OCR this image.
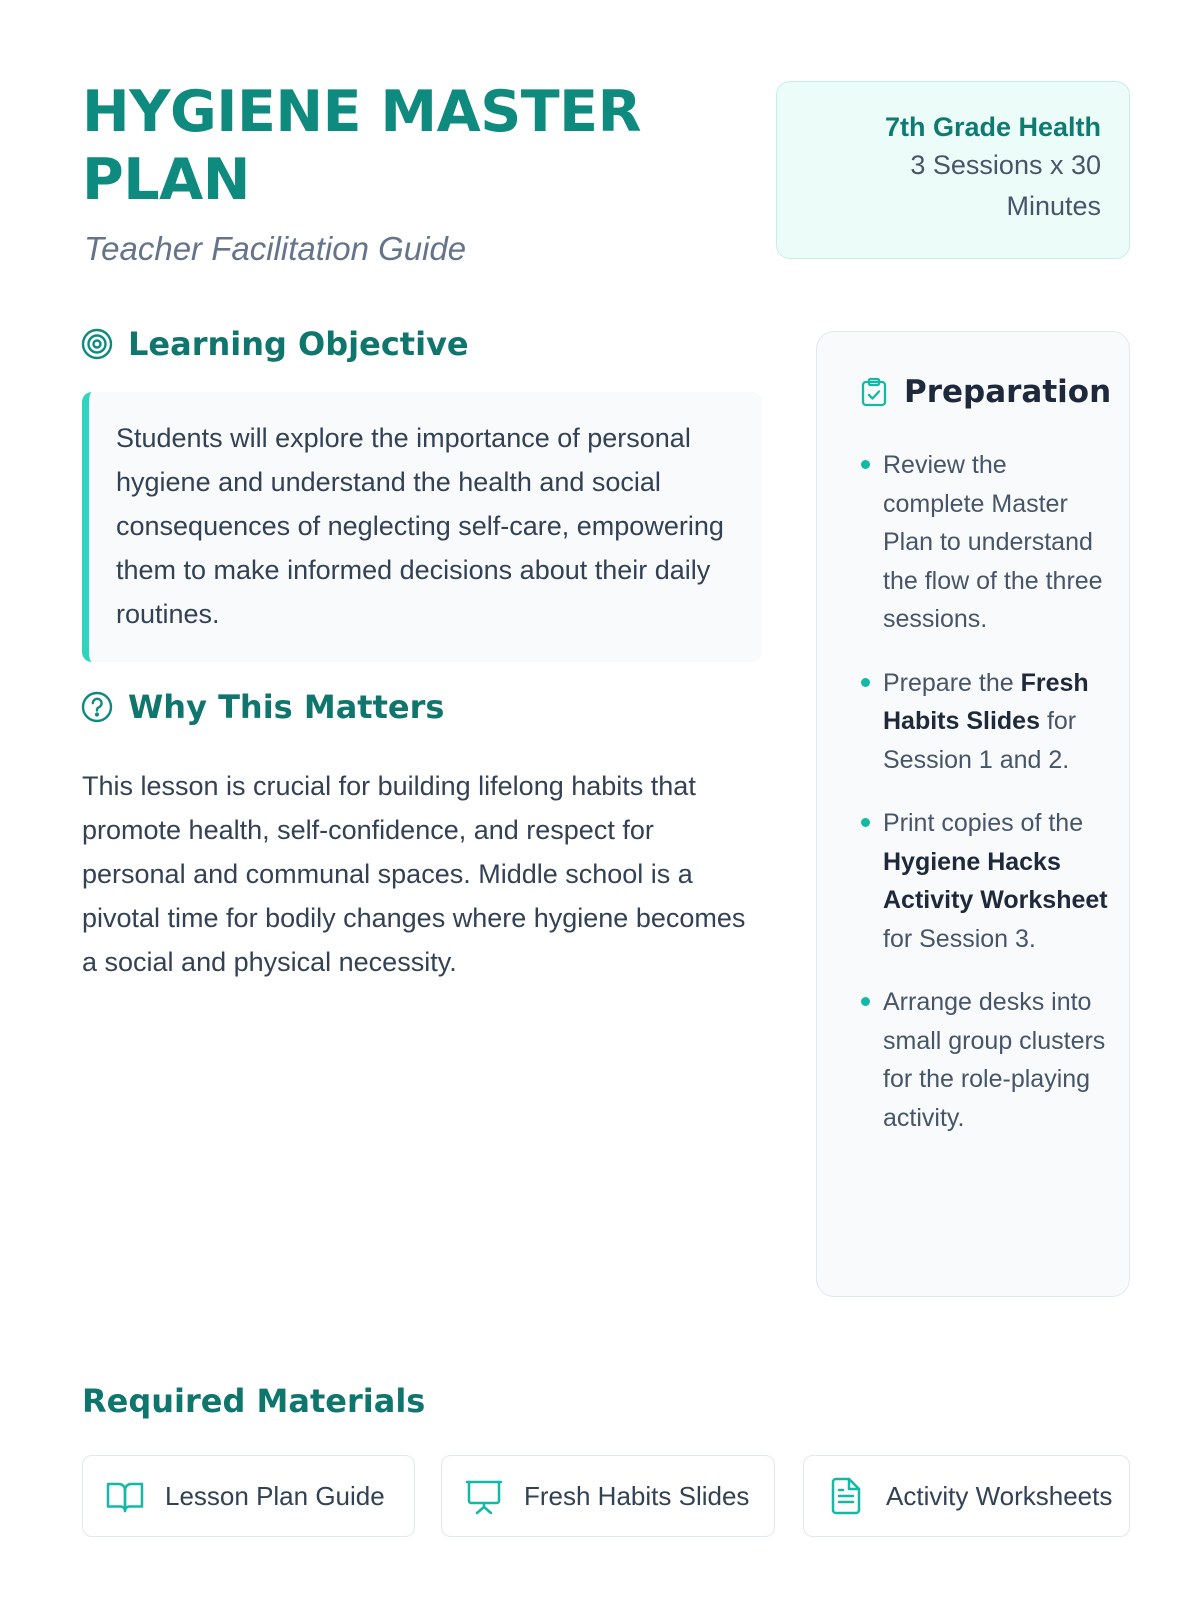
HYGIENE MASTER PLAN
Teacher Facilitation Guide
7th Grade Health
3 Sessions x 30 Minutes
Learning Objective
Students will explore the importance of personal hygiene and understand the health and social consequences of neglecting self-care, empowering them to make informed decisions about their daily routines.
Why This Matters

This lesson is crucial for building lifelong habits that promote health, self-confidence, and respect for personal and communal spaces. Middle school is a pivotal time for bodily changes where hygiene becomes a social and physical necessity.

Preparation
Review the complete Master Plan to understand the flow of the three sessions.
Prepare the Fresh Habits Slides for Session 1 and 2.
Print copies of the Hygiene Hacks Activity Worksheet for Session 3.
Arrange desks into small group clusters for the role-playing activity.
Required Materials
Lesson Plan Guide	Fresh Habits Slides	Activity Worksheets
